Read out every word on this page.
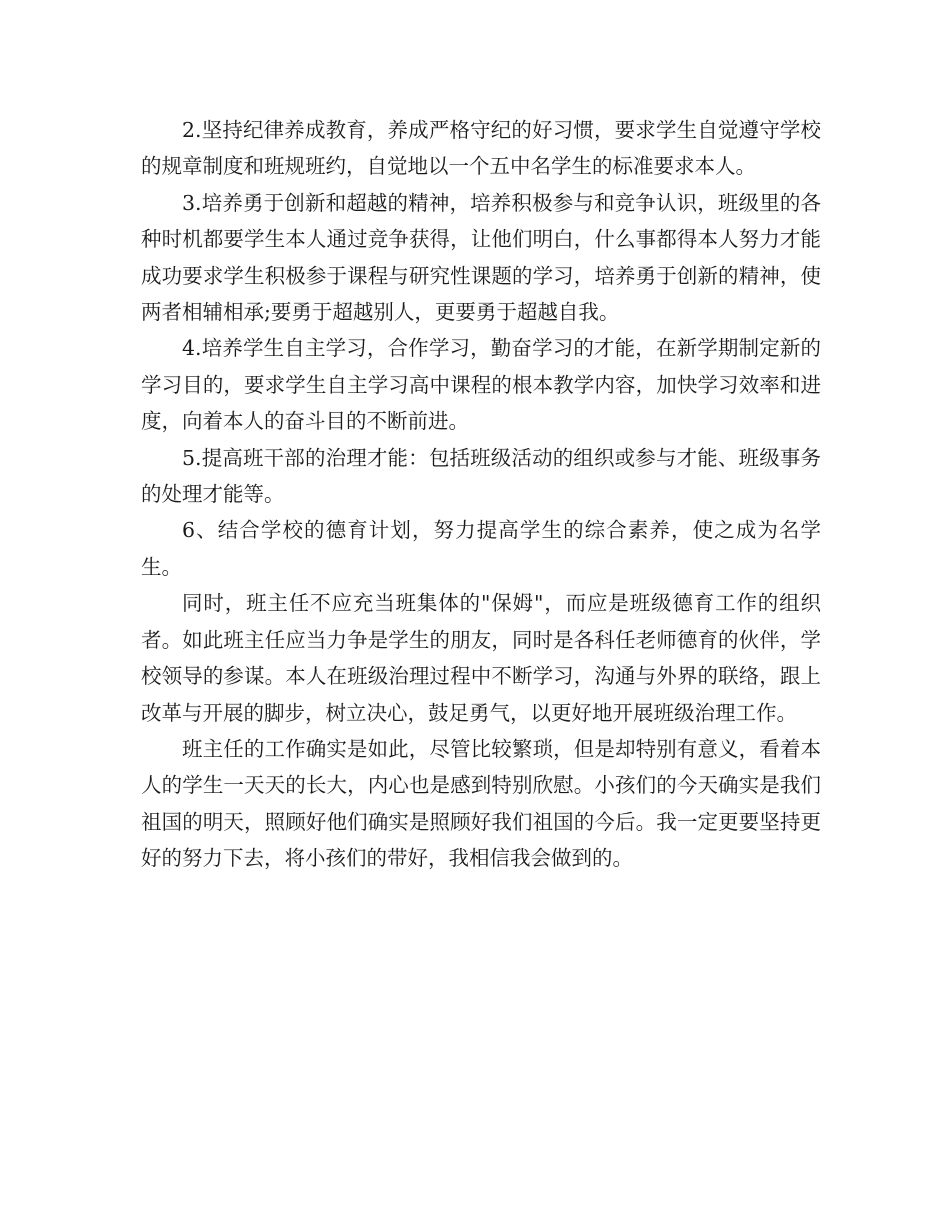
2.坚持纪律养成教育，养成严格守纪的好习惯，要求学生自觉遵守学校的规章制度和班规班约，自觉地以一个五中名学生的标准要求本人。

3.培养勇于创新和超越的精神，培养积极参与和竞争认识，班级里的各种时机都要学生本人通过竞争获得，让他们明白，什么事都得本人努力才能成功要求学生积极参于课程与研究性课题的学习，培养勇于创新的精神，使两者相辅相承;要勇于超越别人，更要勇于超越自我。

4.培养学生自主学习，合作学习，勤奋学习的才能，在新学期制定新的学习目的，要求学生自主学习高中课程的根本教学内容，加快学习效率和进度，向着本人的奋斗目的不断前进。

5.提高班干部的治理才能：包括班级活动的组织或参与才能、班级事务的处理才能等。

6、结合学校的德育计划，努力提高学生的综合素养，使之成为名学生。

同时，班主任不应充当班集体的"保姆"，而应是班级德育工作的组织者。如此班主任应当力争是学生的朋友，同时是各科任老师德育的伙伴，学校领导的参谋。本人在班级治理过程中不断学习，沟通与外界的联络，跟上改革与开展的脚步，树立决心，鼓足勇气，以更好地开展班级治理工作。

班主任的工作确实是如此，尽管比较繁琐，但是却特别有意义，看着本人的学生一天天的长大，内心也是感到特别欣慰。小孩们的今天确实是我们祖国的明天，照顾好他们确实是照顾好我们祖国的今后。我一定更要坚持更好的努力下去，将小孩们的带好，我相信我会做到的。
